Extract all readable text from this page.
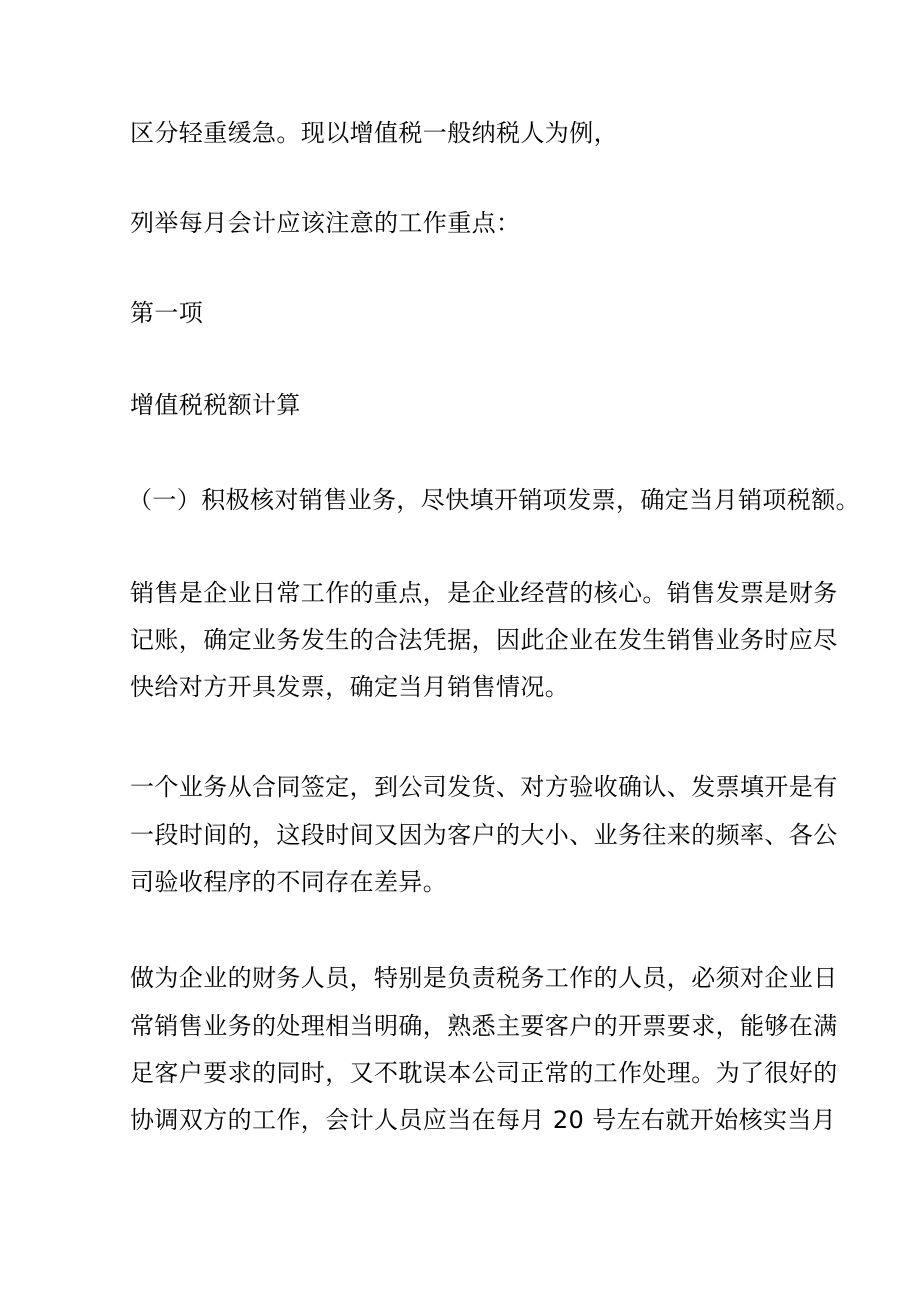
区分轻重缓急。现以增值税一般纳税人为例，
列举每月会计应该注意的工作重点：
第一项
增值税税额计算
（一）积极核对销售业务，尽快填开销项发票，确定当月销项税额。
销售是企业日常工作的重点，是企业经营的核心。销售发票是财务
记账，确定业务发生的合法凭据，因此企业在发生销售业务时应尽
快给对方开具发票，确定当月销售情况。
一个业务从合同签定，到公司发货、对方验收确认、发票填开是有
一段时间的，这段时间又因为客户的大小、业务往来的频率、各公
司验收程序的不同存在差异。
做为企业的财务人员，特别是负责税务工作的人员，必须对企业日
常销售业务的处理相当明确，熟悉主要客户的开票要求，能够在满
足客户要求的同时，又不耽误本公司正常的工作处理。为了很好的
协调双方的工作，会计人员应当在每月 20 号左右就开始核实当月
